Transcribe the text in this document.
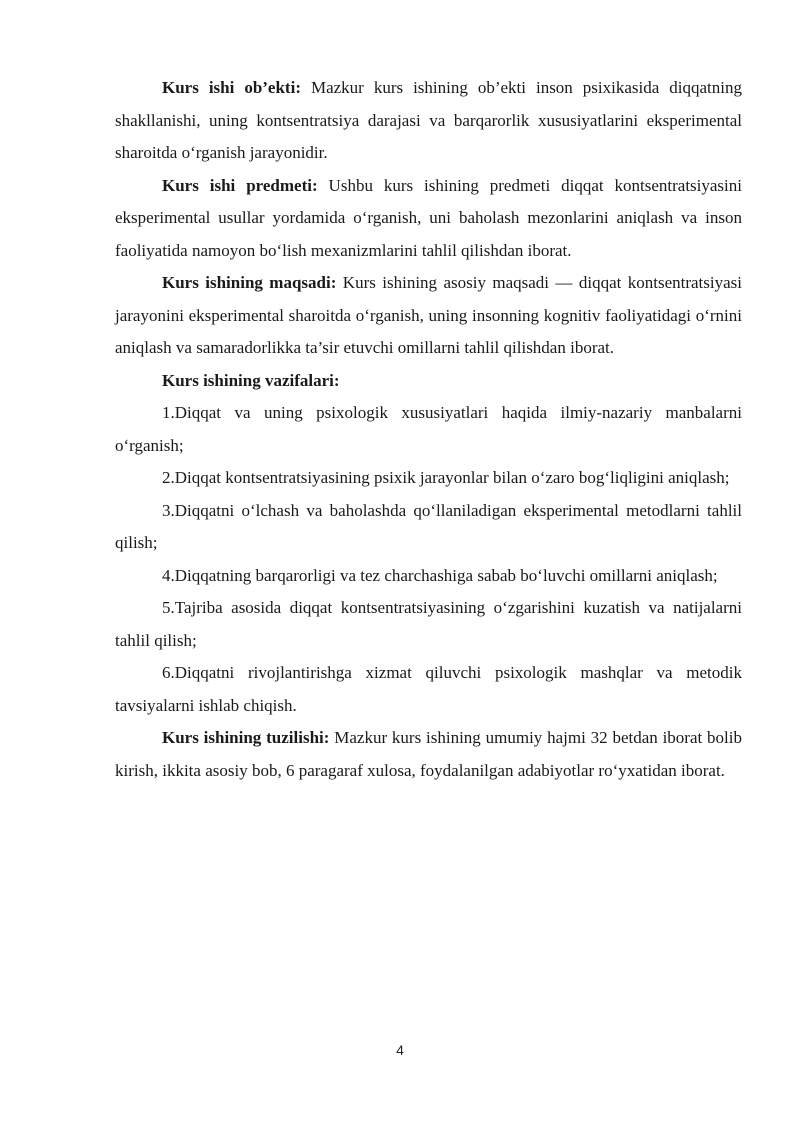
Kurs ishi ob’ekti: Mazkur kurs ishining ob’ekti inson psixikasida diqqatning shakllanishi, uning kontsentratsiya darajasi va barqarorlik xususiyatlarini eksperimental sharoitda o‘rganish jarayonidir.

Kurs ishi predmeti: Ushbu kurs ishining predmeti diqqat kontsentratsiyasini eksperimental usullar yordamida o‘rganish, uni baholash mezonlarini aniqlash va inson faoliyatida namoyon bo‘lish mexanizmlarini tahlil qilishdan iborat.

Kurs ishining maqsadi: Kurs ishining asosiy maqsadi — diqqat kontsentratsiyasi jarayonini eksperimental sharoitda o‘rganish, uning insonning kognitiv faoliyatidagi o‘rnini aniqlash va samaradorlikka ta’sir etuvchi omillarni tahlil qilishdan iborat.

Kurs ishining vazifalari:

1.Diqqat va uning psixologik xususiyatlari haqida ilmiy-nazariy manbalarni o‘rganish;

2.Diqqat kontsentratsiyasining psixik jarayonlar bilan o‘zaro bog‘liqligini aniqlash;

3.Diqqatni o‘lchash va baholashda qo‘llaniladigan eksperimental metodlarni tahlil qilish;

4.Diqqatning barqarorligi va tez charchashiga sabab bo‘luvchi omillarni aniqlash;

5.Tajriba asosida diqqat kontsentratsiyasining o‘zgarishini kuzatish va natijalarni tahlil qilish;

6.Diqqatni rivojlantirishga xizmat qiluvchi psixologik mashqlar va metodik tavsiyalarni ishlab chiqish.

Kurs ishining tuzilishi: Mazkur kurs ishining umumiy hajmi 32 betdan iborat bolib kirish, ikkita asosiy bob, 6 paragaraf xulosa, foydalanilgan adabiyotlar ro‘yxatidan iborat.

4
